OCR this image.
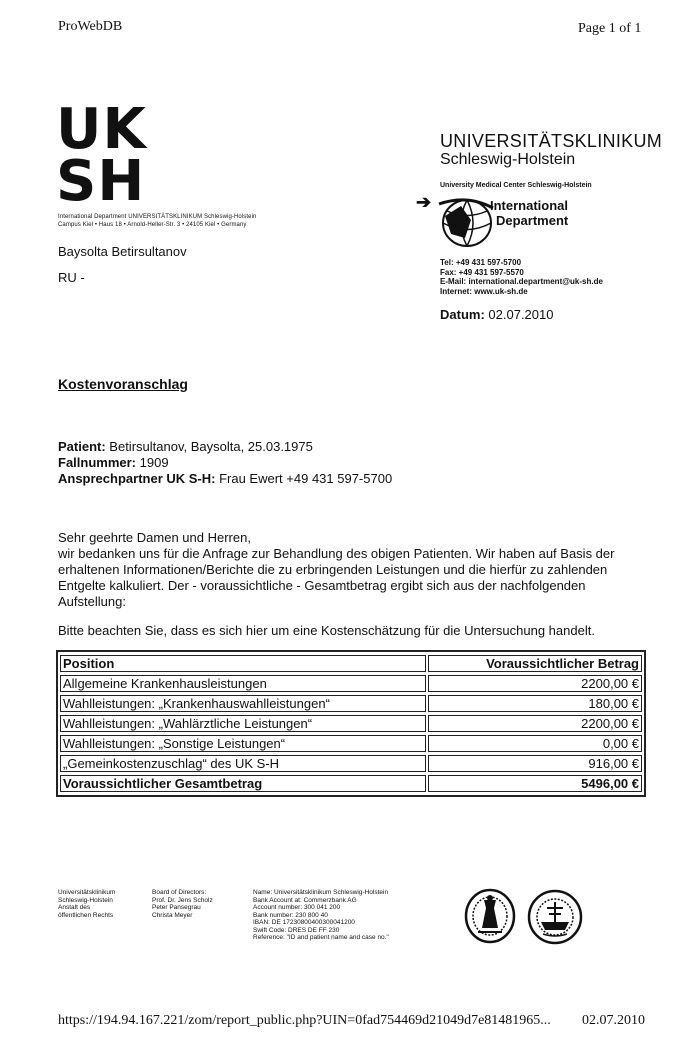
ProWebDB	Page 1 of 1
UK
SH
International Department UNIVERSITÄTSKLINIKUM Schleswig-Holstein
Campus Kiel • Haus 18 • Arnold-Heller-Str. 3 • 24105 Kiel • Germany
Baysolta Betirsultanov
RU -
UNIVERSITÄTSKLINIKUM
Schleswig-Holstein
University Medical Center Schleswig-Holstein
➔	International
Department
Tel: +49 431 597-5700
Fax: +49 431 597-5570
E-Mail: international.department@uk-sh.de
Internet: www.uk-sh.de
Datum: 02.07.2010
Kostenvoranschlag
Patient: Betirsultanov, Baysolta, 25.03.1975
Fallnummer: 1909
Ansprechpartner UK S-H: Frau Ewert +49 431 597-5700
Sehr geehrte Damen und Herren,
wir bedanken uns für die Anfrage zur Behandlung des obigen Patienten. Wir haben auf Basis der
erhaltenen Informationen/Berichte die zu erbringenden Leistungen und die hierfür zu zahlenden
Entgelte kalkuliert. Der - voraussichtliche - Gesamtbetrag ergibt sich aus der nachfolgenden
Aufstellung:
Bitte beachten Sie, dass es sich hier um eine Kostenschätzung für die Untersuchung handelt.
Position		Voraussichtlicher Betrag
Allgemeine Krankenhausleistungen		2200,00 €
Wahlleistungen: „Krankenhauswahlleistungen“		180,00 €
Wahlleistungen: „Wahlärztliche Leistungen“		2200,00 €
Wahlleistungen: „Sonstige Leistungen“		0,00 €
„Gemeinkostenzuschlag“ des UK S-H		916,00 €
Voraussichtlicher Gesamtbetrag		5496,00 €
Universitätsklinikum
Schleswig-Holstein
Anstalt des
öffentlichen Rechts
Board of Directors:
Prof. Dr. Jens Scholz
Peter Pansegrau
Christa Meyer
Name: Universitätsklinikum Schleswig-Holstein
Bank Account at: Commerzbank AG
Account number: 300 041 200
Bank number: 230 800 40
IBAN: DE 17230800400300041200
Swift Code: DRES DE FF 230
Reference: "ID and patient name and case no."
https://194.94.167.221/zom/report_public.php?UIN=0fad754469d21049d7e81481965... 02.07.2010
